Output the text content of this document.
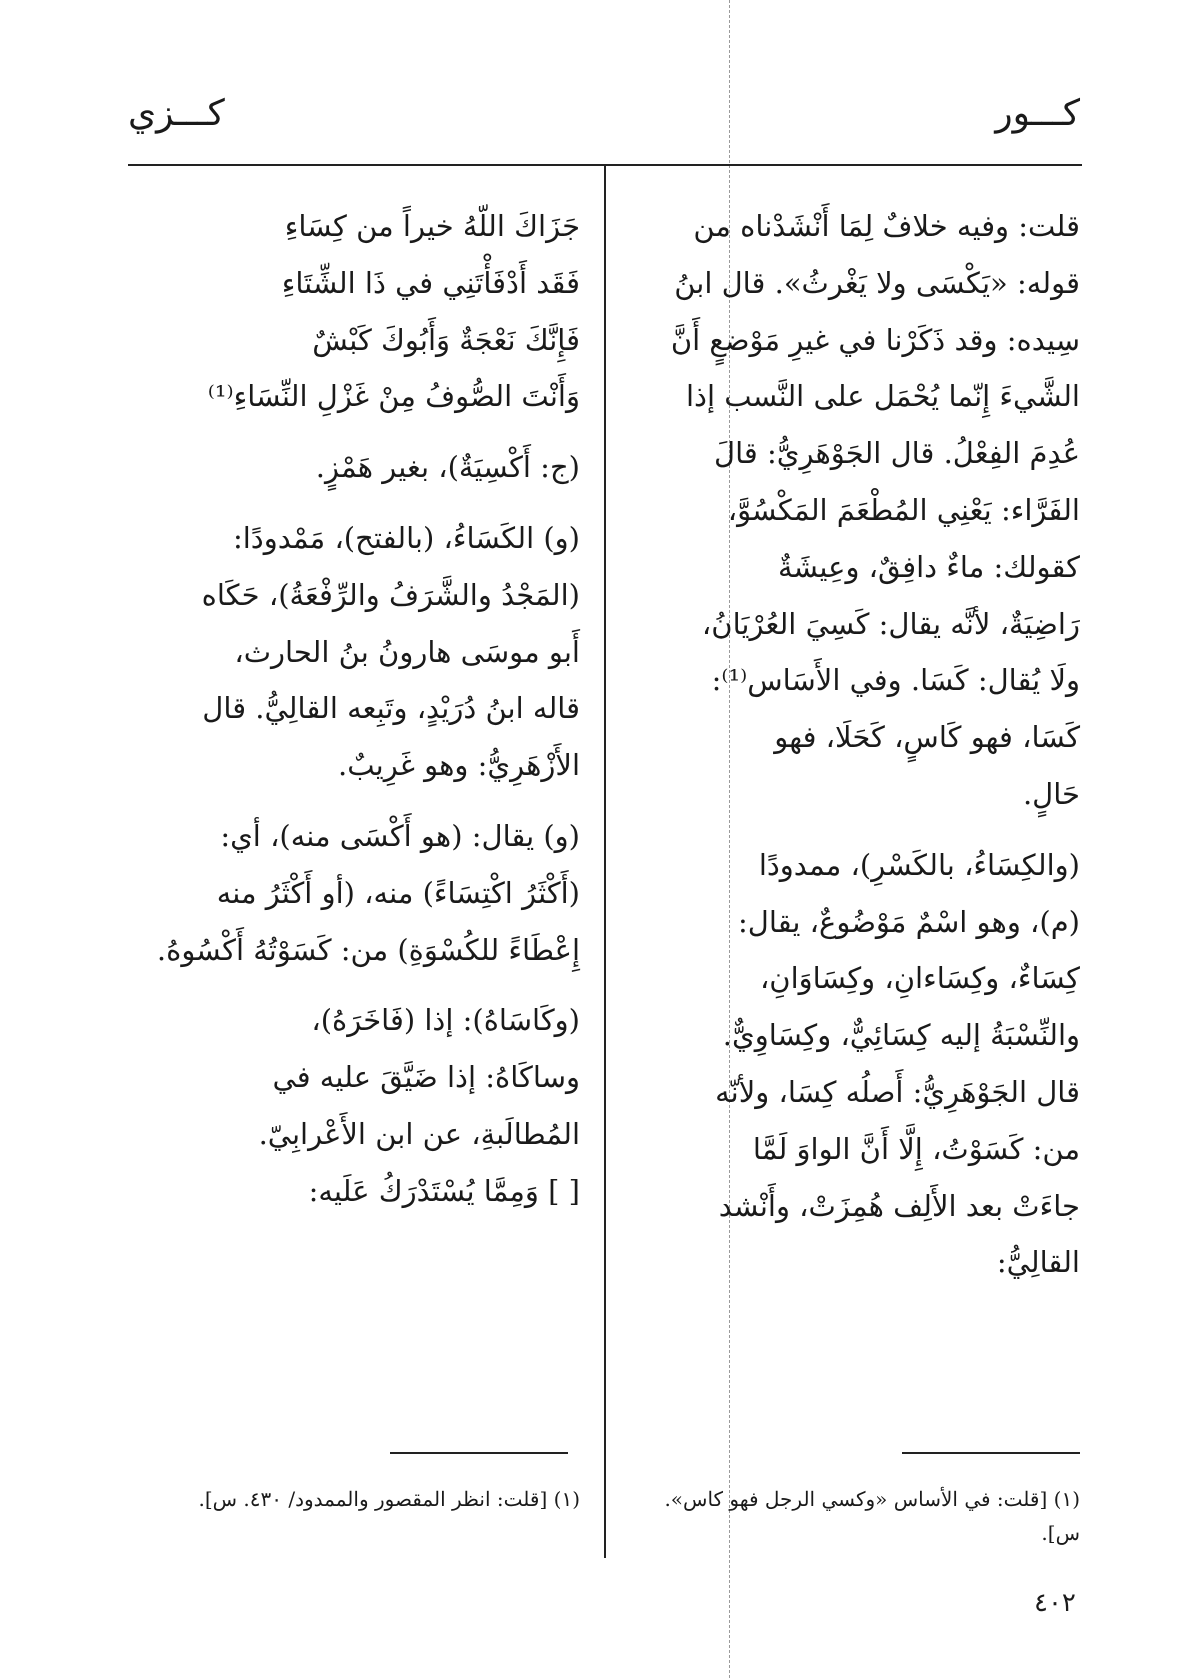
كـــور
كـــزي
قلت: وفيه خلافٌ لِمَا أَنْشَدْناه من
قوله: «يَكْسَى ولا يَغْرثُ». قال ابنُ
سِيده: وقد ذَكَرْنا في غيرِ مَوْضعٍ أَنَّ
الشَّيءَ إِنّما يُحْمَل على النَّسب إذا
عُدِمَ الفِعْلُ. قال الجَوْهَرِيُّ: قالَ
الفَرَّاء: يَعْنِي المُطْعَمَ المَكْسُوَّ،
كقولك: ماءٌ دافِقٌ، وعِيشَةٌ
رَاضِيَةٌ، لأنَّه يقال: كَسِيَ العُرْيَانُ،
ولَا يُقال: كَسَا. وفي الأَسَاس⁽¹⁾:
كَسَا، فهو كَاسٍ، كَحَلَا، فهو
حَالٍ.
(والكِسَاءُ، بالكَسْرِ)، ممدودًا
(م)، وهو اسْمٌ مَوْضُوعٌ، يقال:
كِسَاءٌ، وكِسَاءانِ، وكِسَاوَانِ،
والنِّسْبَةُ إليه كِسَائِيٌّ، وكِسَاوِيٌّ.
قال الجَوْهَرِيُّ: أَصلُه كِسَا، ولأنّه
من: كَسَوْتُ، إِلَّا أَنَّ الواوَ لَمَّا
جاءَتْ بعد الأَلِف هُمِزَتْ، وأَنْشد
القالِيُّ:
جَزَاكَ اللّهُ خيراً من كِسَاءِ
فَقَد أَدْفَأْتَنِي في ذَا الشِّتَاءِ
فَإِنَّكَ نَعْجَةٌ وَأَبُوكَ كَبْشٌ
وَأَنْتَ الصُّوفُ مِنْ غَزْلِ النِّسَاءِ⁽¹⁾
(ج: أَكْسِيَةٌ)، بغير هَمْزٍ.
(و) الكَسَاءُ، (بالفتح)، مَمْدودًا:
(المَجْدُ والشَّرَفُ والرِّفْعَةُ)، حَكَاه
أَبو موسَى هارونُ بنُ الحارث،
قاله ابنُ دُرَيْدٍ، وتَبِعه القالِيُّ. قال
الأَزْهَرِيُّ: وهو غَرِيبٌ.
(و) يقال: (هو أَكْسَى منه)، أي:
(أَكْثَرُ اكْتِسَاءً) منه، (أو أَكْثَرُ منه
إِعْطَاءً للكُسْوَةِ) من: كَسَوْتُهُ أَكْسُوهُ.
(وكَاسَاهُ): إذا (فَاخَرَهُ)،
وساكَاهُ: إذا ضَيَّقَ عليه في
المُطالَبةِ، عن ابن الأَعْرابِيّ.
[ ] وَمِمَّا يُسْتَدْرَكُ عَلَيه:
(١) [قلت: في الأساس «وكسي الرجل فهو كاس». س].
(١) [قلت: انظر المقصور والممدود/ ٤٣٠. س].
٤٠٢
